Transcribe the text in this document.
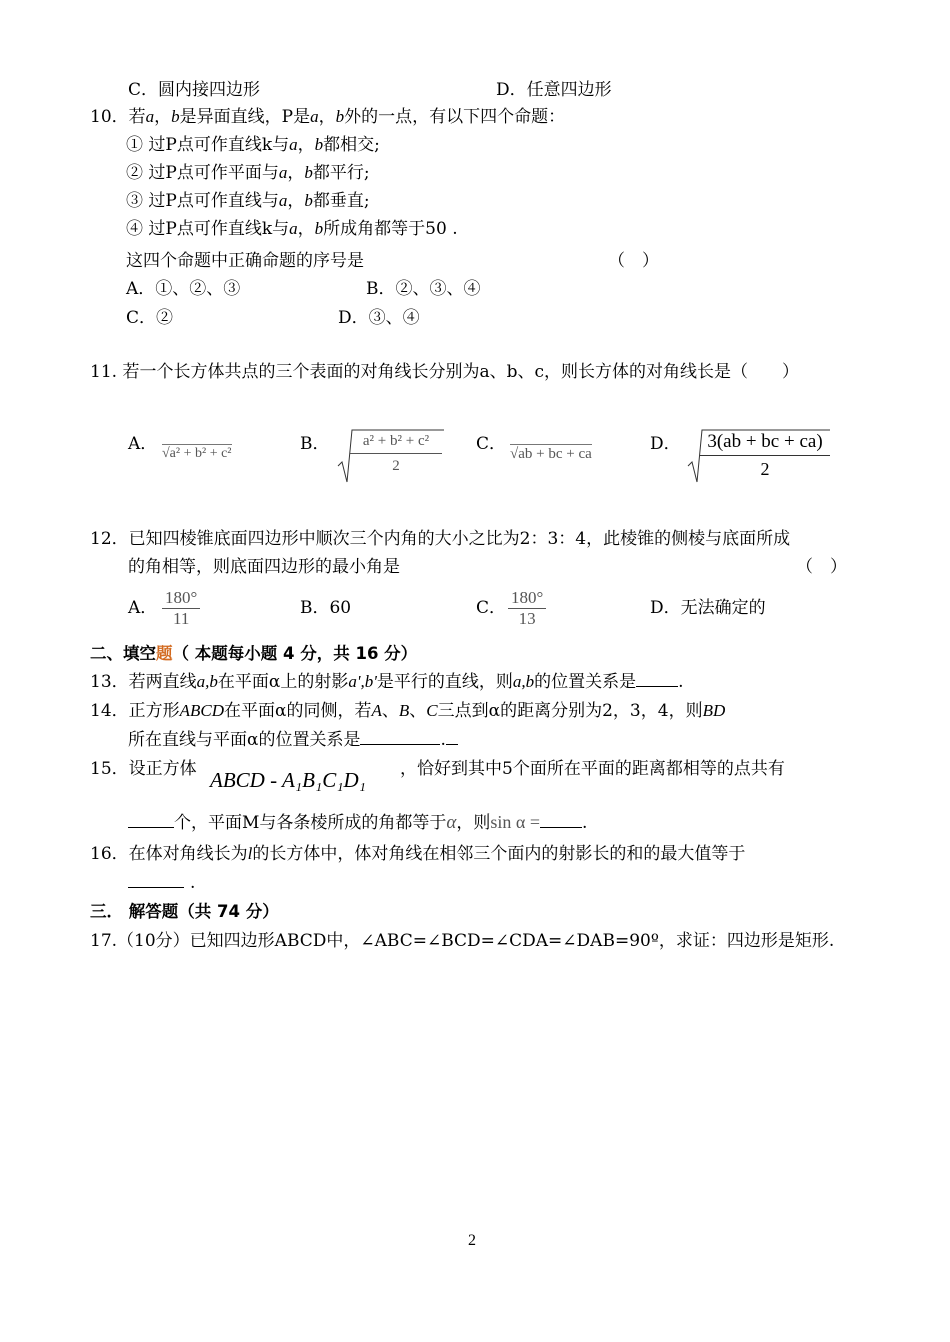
C．圆内接四边形	D．任意四边形
10．若a，b是异面直线，P是a，b外的一点，有以下四个命题：
① 过P点可作直线k与a，b都相交;
② 过P点可作平面与a，b都平行;
③ 过P点可作直线与a，b都垂直;
④ 过P点可作直线k与a，b所成角都等于50 .
这四个命题中正确命题的序号是	（　）
A．①、②、③	B．②、③、④
C．②	D．③、④
11. 若一个长方体共点的三个表面的对角线长分别为a、b、c，则长方体的对角线长是（　　）
A． √a² + b² + c²	B．	a² + b² + c²
2
C． √ab + bc + ca	D．	3(ab + bc + ca)
2
12．已知四棱锥底面四边形中顺次三个内角的大小之比为2：3：4，此棱锥的侧棱与底面所成
的角相等，则底面四边形的最小角是	（　）
A． $\frac{180^\circ}{11}$	B．60	C． $\frac{180^\circ}{13}$	D．无法确定的
二、填空题（ 本题每小题 4 分，共 16 分）
13．若两直线a,b在平面α上的射影a',b'是平行的直线，则a,b的位置关系是 .
14．正方形ABCD在平面α的同侧，若A、B、C三点到α的距离分别为2，3，4，则BD
所在直线与平面α的位置关系是	.
15．设正方体 ABCD - A₁B₁C₁D₁ ，恰好到其中5个面所在平面的距离都相等的点共有
个，平面M与各条棱所成的角都等于α，则sin α = .
16．在体对角线长为l的长方体中，体对角线在相邻三个面内的射影长的和的最大值等于
.
三． 解答题（共 74 分）
17.（10分）已知四边形ABCD中，∠ABC=∠BCD=∠CDA=∠DAB=90º，求证：四边形是矩形.
2
